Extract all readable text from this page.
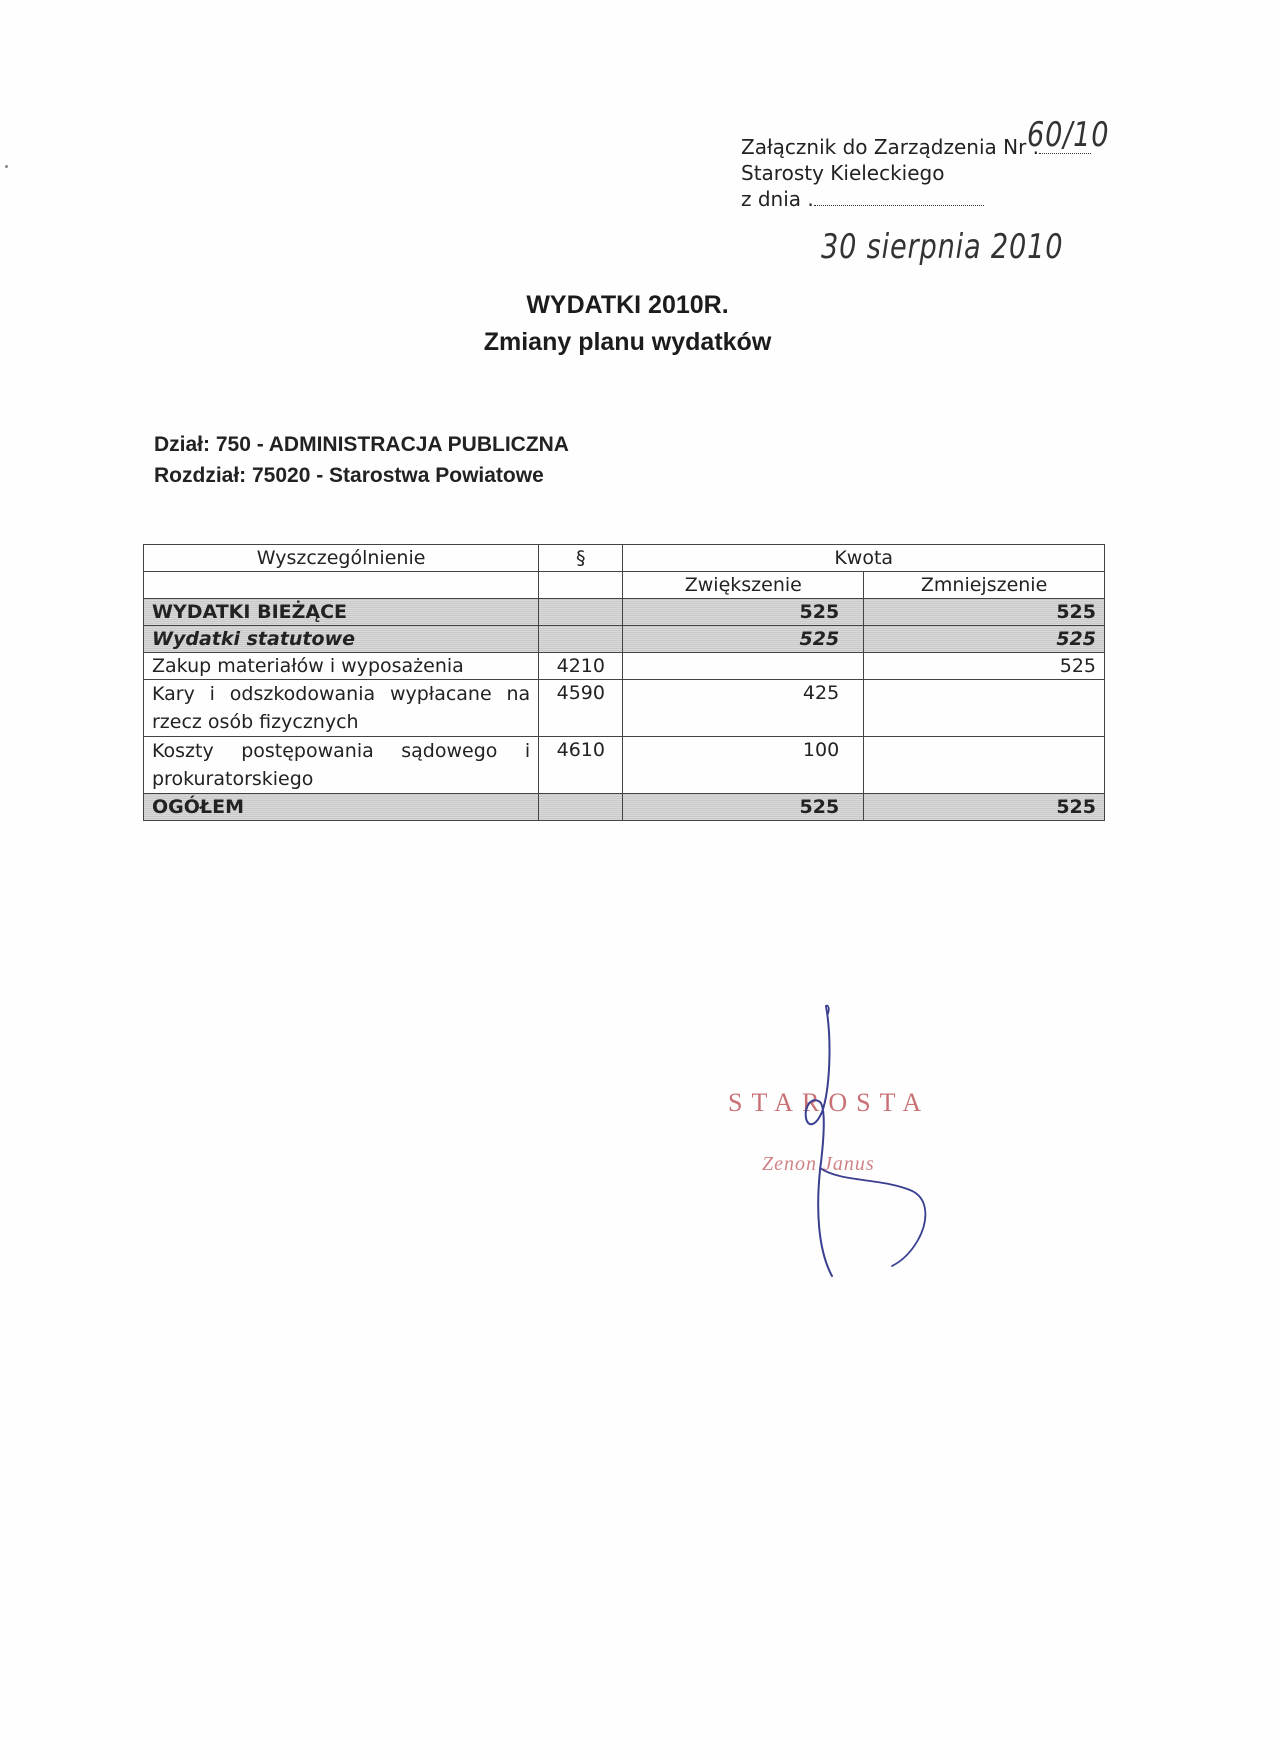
Załącznik do Zarządzenia Nr .
60/10
Starosty Kieleckiego
z dnia .
30 sierpnia 2010
WYDATKI 2010R.
Zmiany planu wydatków
Dział: 750 - ADMINISTRACJA PUBLICZNA
Rozdział: 75020 - Starostwa Powiatowe
Wyszczególnienie	§	Kwota	
		Zwiększenie	Zmniejszenie
WYDATKI BIEŻĄCE		525	525
Wydatki statutowe		525	525
Zakup materiałów i wyposażenia	4210		525
Kary i odszkodowania wypłacane na rzecz osób fizycznych	4590	425	
Koszty postępowania sądowego i prokuratorskiego	4610	100	
OGÓŁEM		525	525
STAROSTA
Zenon Janus
